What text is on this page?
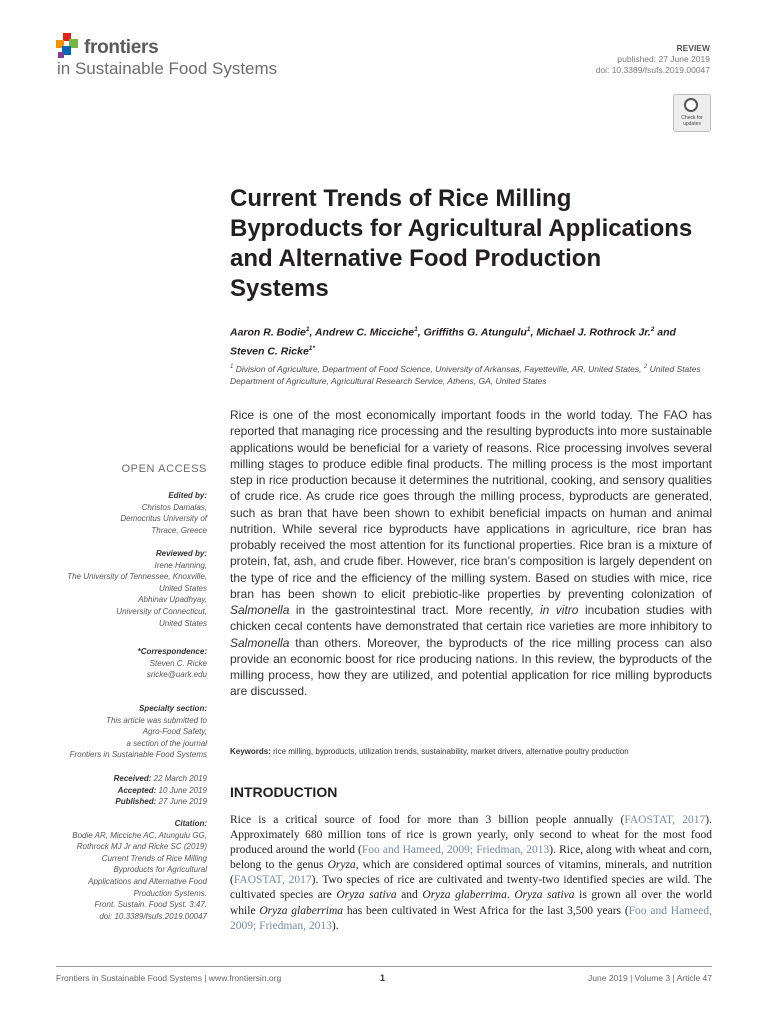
frontiers
in Sustainable Food Systems
REVIEW
published: 27 June 2019
doi: 10.3389/fsufs.2019.00047
Check for updates
Current Trends of Rice Milling Byproducts for Agricultural Applications and Alternative Food Production Systems
Aaron R. Bodie$^1$, Andrew C. Micciche$^1$, Griffiths G. Atungulu$^1$, Michael J. Rothrock Jr.$^2$ and
Steven C. Ricke$^{1*}$
$^1$ Division of Agriculture, Department of Food Science, University of Arkansas, Fayetteville, AR, United States, $^2$ United States Department of Agriculture, Agricultural Research Service, Athens, GA, United States

Rice is one of the most economically important foods in the world today. The FAO has reported that managing rice processing and the resulting byproducts into more sustainable applications would be beneficial for a variety of reasons. Rice processing involves several milling stages to produce edible final products. The milling process is the most important step in rice production because it determines the nutritional, cooking, and sensory qualities of crude rice. As crude rice goes through the milling process, byproducts are generated, such as bran that have been shown to exhibit beneficial impacts on human and animal nutrition. While several rice byproducts have applications in agriculture, rice bran has probably received the most attention for its functional properties. Rice bran is a mixture of protein, fat, ash, and crude fiber. However, rice bran’s composition is largely dependent on the type of rice and the efficiency of the milling system. Based on studies with mice, rice bran has been shown to elicit prebiotic-like properties by preventing colonization of Salmonella in the gastrointestinal tract. More recently, in vitro incubation studies with chicken cecal contents have demonstrated that certain rice varieties are more inhibitory to Salmonella than others. Moreover, the byproducts of the rice milling process can also provide an economic boost for rice producing nations. In this review, the byproducts of the milling process, how they are utilized, and potential application for rice milling byproducts are discussed.

Keywords: rice milling, byproducts, utilization trends, sustainability, market drivers, alternative poultry production
OPEN ACCESS
Edited by:
Christos Damalas,
Democritus University of
Thrace, Greece
Reviewed by:
Irene Hanning,
The University of Tennessee, Knoxville,
United States
Abhinav Upadhyay,
University of Connecticut,
United States
*Correspondence:
Steven C. Ricke
srickе@uark.edu
Specialty section:
This article was submitted to
Agro-Food Safety,
a section of the journal
Frontiers in Sustainable Food Systems
Received: 22 March 2019
Accepted: 10 June 2019
Published: 27 June 2019
Citation:
Bodie AR, Micciche AC, Atungulu GG,
Rothrock MJ Jr and Ricke SC (2019)
Current Trends of Rice Milling
Byproducts for Agricultural
Applications and Alternative Food
Production Systems.
Front. Sustain. Food Syst. 3:47.
doi: 10.3389/fsufs.2019.00047
INTRODUCTION

Rice is a critical source of food for more than 3 billion people annually (FAOSTAT, 2017). Approximately 680 million tons of rice is grown yearly, only second to wheat for the most food produced around the world (Foo and Hameed, 2009; Friedman, 2013). Rice, along with wheat and corn, belong to the genus Oryza, which are considered optimal sources of vitamins, minerals, and nutrition (FAOSTAT, 2017). Two species of rice are cultivated and twenty-two identified species are wild. The cultivated species are Oryza sativa and Oryza glaberrima. Oryza sativa is grown all over the world while Oryza glaberrima has been cultivated in West Africa for the last 3,500 years (Foo and Hameed, 2009; Friedman, 2013).

Frontiers in Sustainable Food Systems | www.frontiersin.org	1	June 2019 | Volume 3 | Article 47
